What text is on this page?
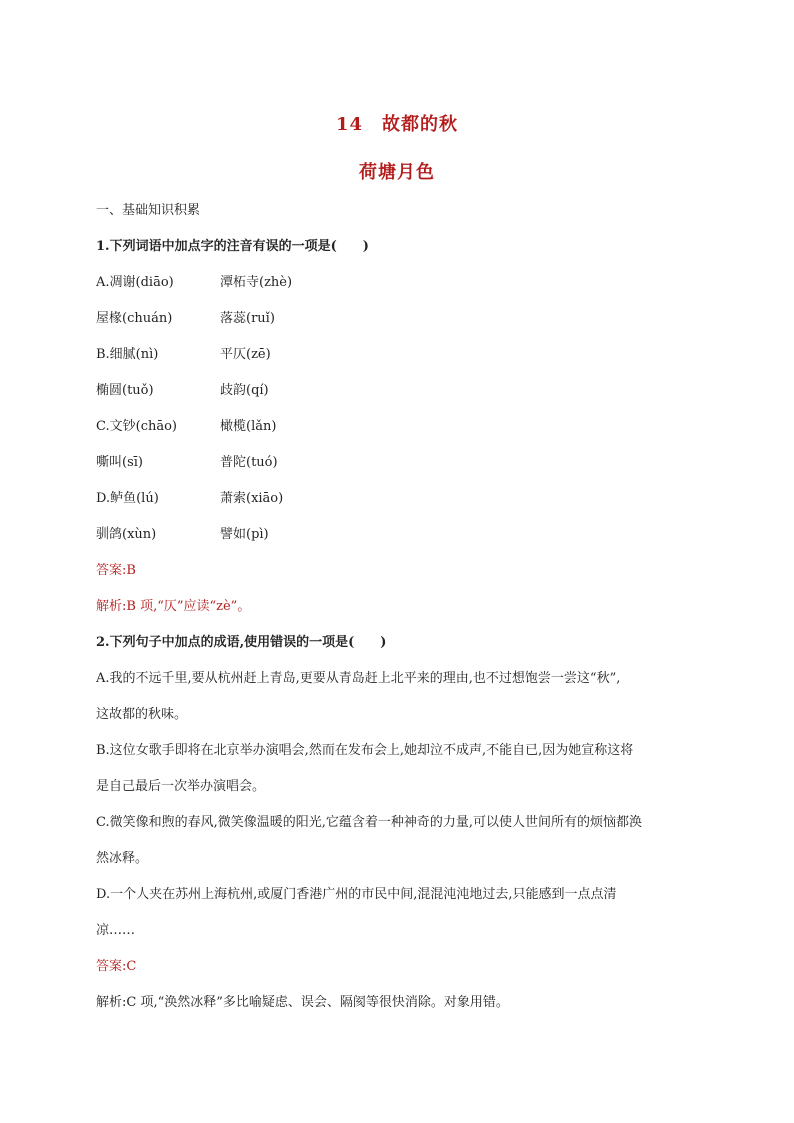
14　故都的秋
荷塘月色
一、基础知识积累
1.下列词语中加点字的注音有误的一项是(　　)
A.凋谢(diāo)	潭柘寺(zhè)
屋椽(chuán)	落蕊(ruǐ)
B.细腻(nì)	平仄(zē)
椭圆(tuǒ)	歧韵(qí)
C.文钞(chāo)	橄榄(lǎn)
嘶叫(sī)	普陀(tuó)
D.鲈鱼(lú)	萧索(xiāo)
驯鸽(xùn)	譬如(pì)
答案:B
解析:B 项,“仄”应读“zè”。
2.下列句子中加点的成语,使用错误的一项是(　　)
A.我的不远千里,要从杭州赶上青岛,更要从青岛赶上北平来的理由,也不过想饱尝一尝这“秋”,
这故都的秋味。
B.这位女歌手即将在北京举办演唱会,然而在发布会上,她却泣不成声,不能自已,因为她宣称这将
是自己最后一次举办演唱会。
C.微笑像和煦的春风,微笑像温暖的阳光,它蕴含着一种神奇的力量,可以使人世间所有的烦恼都涣
然冰释。
D.一个人夹在苏州上海杭州,或厦门香港广州的市民中间,混混沌沌地过去,只能感到一点点清
凉……
答案:C
解析:C 项,“涣然冰释”多比喻疑虑、误会、隔阂等很快消除。对象用错。
